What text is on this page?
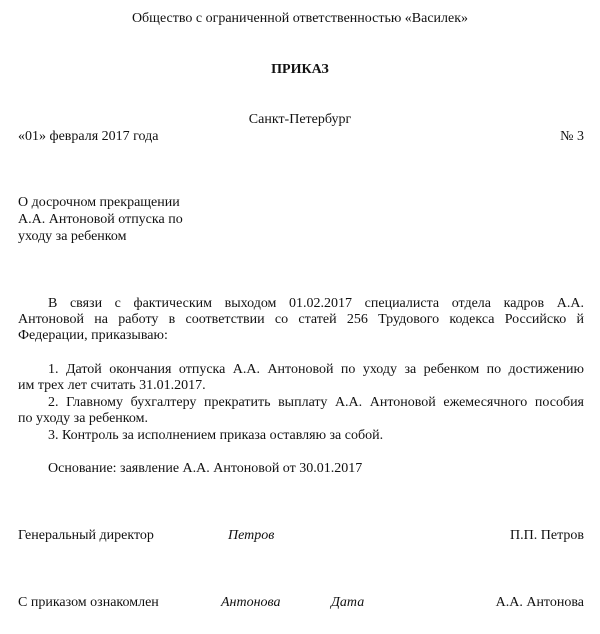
Общество с ограниченной ответственностью «Василек»
ПРИКАЗ
Санкт-Петербург
«01» февраля 2017 года	№ 3
О досрочном прекращении
А.А. Антоновой отпуска по
уходу за ребенком
В связи с фактическим выходом 01.02.2017 специалиста отдела кадров А.А.
Антоновой на работу в соответствии со статей 256 Трудового кодекса Российско й
Федерации, приказываю:
1. Датой окончания отпуска А.А. Антоновой по уходу за ребенком по достижению
им трех лет считать 31.01.2017.
2. Главному бухгалтеру прекратить выплату А.А. Антоновой ежемесячного пособия
по уходу за ребенком.
3. Контроль за исполнением приказа оставляю за собой.
Основание: заявление А.А. Антоновой от 30.01.2017
Генеральный директор	Петров	П.П. Петров
С приказом ознакомлен	Антонова	Дата	А.А. Антонова
